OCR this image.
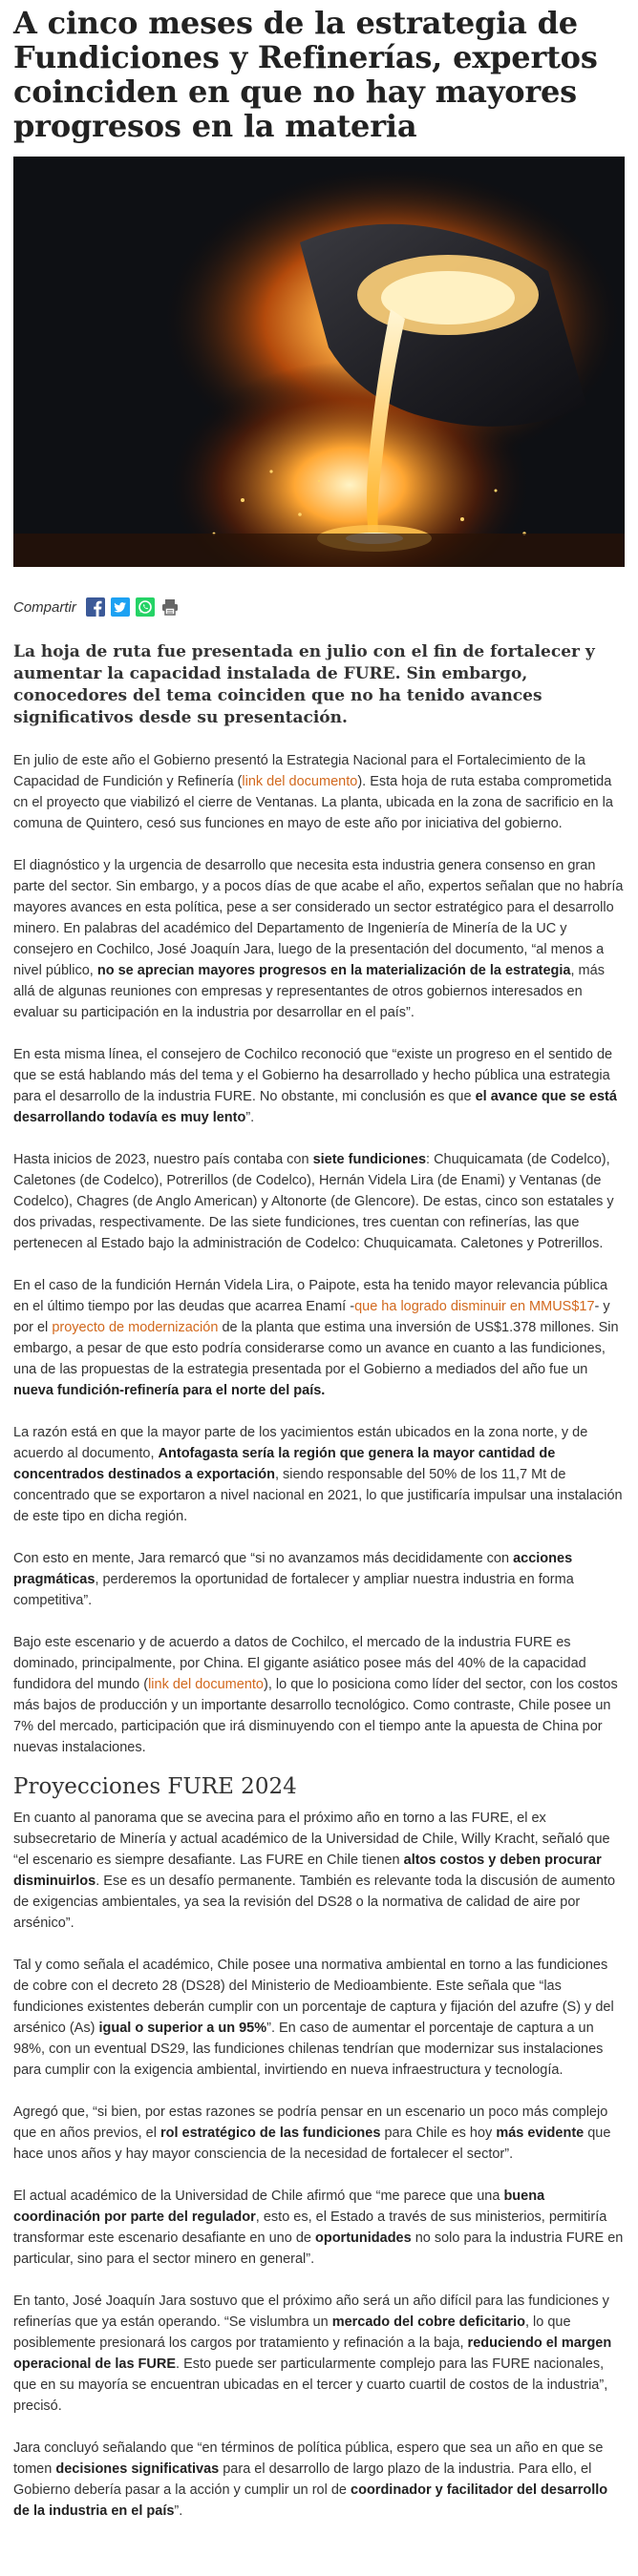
A cinco meses de la estrategia de Fundiciones y Refinerías, expertos coinciden en que no hay mayores progresos en la materia
Compartir

La hoja de ruta fue presentada en julio con el fin de fortalecer y aumentar la capacidad instalada de FURE. Sin embargo, conocedores del tema coinciden que no ha tenido avances significativos desde su presentación.

En julio de este año el Gobierno presentó la Estrategia Nacional para el Fortalecimiento de la Capacidad de Fundición y Refinería (link del documento). Esta hoja de ruta estaba comprometida cn el proyecto que viabilizó el cierre de Ventanas. La planta, ubicada en la zona de sacrificio en la comuna de Quintero, cesó sus funciones en mayo de este año por iniciativa del gobierno.

El diagnóstico y la urgencia de desarrollo que necesita esta industria genera consenso en gran parte del sector. Sin embargo, y a pocos días de que acabe el año, expertos señalan que no habría mayores avances en esta política, pese a ser considerado un sector estratégico para el desarrollo minero. En palabras del académico del Departamento de Ingeniería de Minería de la UC y consejero en Cochilco, José Joaquín Jara, luego de la presentación del documento, “al menos a nivel público, no se aprecian mayores progresos en la materialización de la estrategia, más allá de algunas reuniones con empresas y representantes de otros gobiernos interesados en evaluar su participación en la industria por desarrollar en el país”.

En esta misma línea, el consejero de Cochilco reconoció que “existe un progreso en el sentido de que se está hablando más del tema y el Gobierno ha desarrollado y hecho pública una estrategia para el desarrollo de la industria FURE. No obstante, mi conclusión es que el avance que se está desarrollando todavía es muy lento”.

Hasta inicios de 2023, nuestro país contaba con siete fundiciones: Chuquicamata (de Codelco), Caletones (de Codelco), Potrerillos (de Codelco), Hernán Videla Lira (de Enami) y Ventanas (de Codelco), Chagres (de Anglo American) y Altonorte (de Glencore). De estas, cinco son estatales y dos privadas, respectivamente. De las siete fundiciones, tres cuentan con refinerías, las que pertenecen al Estado bajo la administración de Codelco: Chuquicamata. Caletones y Potrerillos.

En el caso de la fundición Hernán Videla Lira, o Paipote, esta ha tenido mayor relevancia pública en el último tiempo por las deudas que acarrea Enamí -que ha logrado disminuir en MMUS$17- y por el proyecto de modernización de la planta que estima una inversión de US$1.378 millones. Sin embargo, a pesar de que esto podría considerarse como un avance en cuanto a las fundiciones, una de las propuestas de la estrategia presentada por el Gobierno a mediados del año fue un nueva fundición-refinería para el norte del país.

La razón está en que la mayor parte de los yacimientos están ubicados en la zona norte, y de acuerdo al documento, Antofagasta sería la región que genera la mayor cantidad de concentrados destinados a exportación, siendo responsable del 50% de los 11,7 Mt de concentrado que se exportaron a nivel nacional en 2021, lo que justificaría impulsar una instalación de este tipo en dicha región.

Con esto en mente, Jara remarcó que “si no avanzamos más decididamente con acciones pragmáticas, perderemos la oportunidad de fortalecer y ampliar nuestra industria en forma competitiva”.

Bajo este escenario y de acuerdo a datos de Cochilco, el mercado de la industria FURE es dominado, principalmente, por China. El gigante asiático posee más del 40% de la capacidad fundidora del mundo (link del documento), lo que lo posiciona como líder del sector, con los costos más bajos de producción y un importante desarrollo tecnológico. Como contraste, Chile posee un 7% del mercado, participación que irá disminuyendo con el tiempo ante la apuesta de China por nuevas instalaciones.

Proyecciones FURE 2024

En cuanto al panorama que se avecina para el próximo año en torno a las FURE, el ex subsecretario de Minería y actual académico de la Universidad de Chile, Willy Kracht, señaló que “el escenario es siempre desafiante. Las FURE en Chile tienen altos costos y deben procurar disminuirlos. Ese es un desafío permanente. También es relevante toda la discusión de aumento de exigencias ambientales, ya sea la revisión del DS28 o la normativa de calidad de aire por arsénico”.

Tal y como señala el académico, Chile posee una normativa ambiental en torno a las fundiciones de cobre con el decreto 28 (DS28) del Ministerio de Medioambiente. Este señala que “las fundiciones existentes deberán cumplir con un porcentaje de captura y fijación del azufre (S) y del arsénico (As) igual o superior a un 95%”. En caso de aumentar el porcentaje de captura a un 98%, con un eventual DS29, las fundiciones chilenas tendrían que modernizar sus instalaciones para cumplir con la exigencia ambiental, invirtiendo en nueva infraestructura y tecnología.

Agregó que, “si bien, por estas razones se podría pensar en un escenario un poco más complejo que en años previos, el rol estratégico de las fundiciones para Chile es hoy más evidente que hace unos años y hay mayor consciencia de la necesidad de fortalecer el sector”.

El actual académico de la Universidad de Chile afirmó que “me parece que una buena coordinación por parte del regulador, esto es, el Estado a través de sus ministerios, permitiría transformar este escenario desafiante en uno de oportunidades no solo para la industria FURE en particular, sino para el sector minero en general”.

En tanto, José Joaquín Jara sostuvo que el próximo año será un año difícil para las fundiciones y refinerías que ya están operando. “Se vislumbra un mercado del cobre deficitario, lo que posiblemente presionará los cargos por tratamiento y refinación a la baja, reduciendo el margen operacional de las FURE. Esto puede ser particularmente complejo para las FURE nacionales, que en su mayoría se encuentran ubicadas en el tercer y cuarto cuartil de costos de la industria”, precisó.

Jara concluyó señalando que “en términos de política pública, espero que sea un año en que se tomen decisiones significativas para el desarrollo de largo plazo de la industria. Para ello, el Gobierno debería pasar a la acción y cumplir un rol de coordinador y facilitador del desarrollo de la industria en el país”.
